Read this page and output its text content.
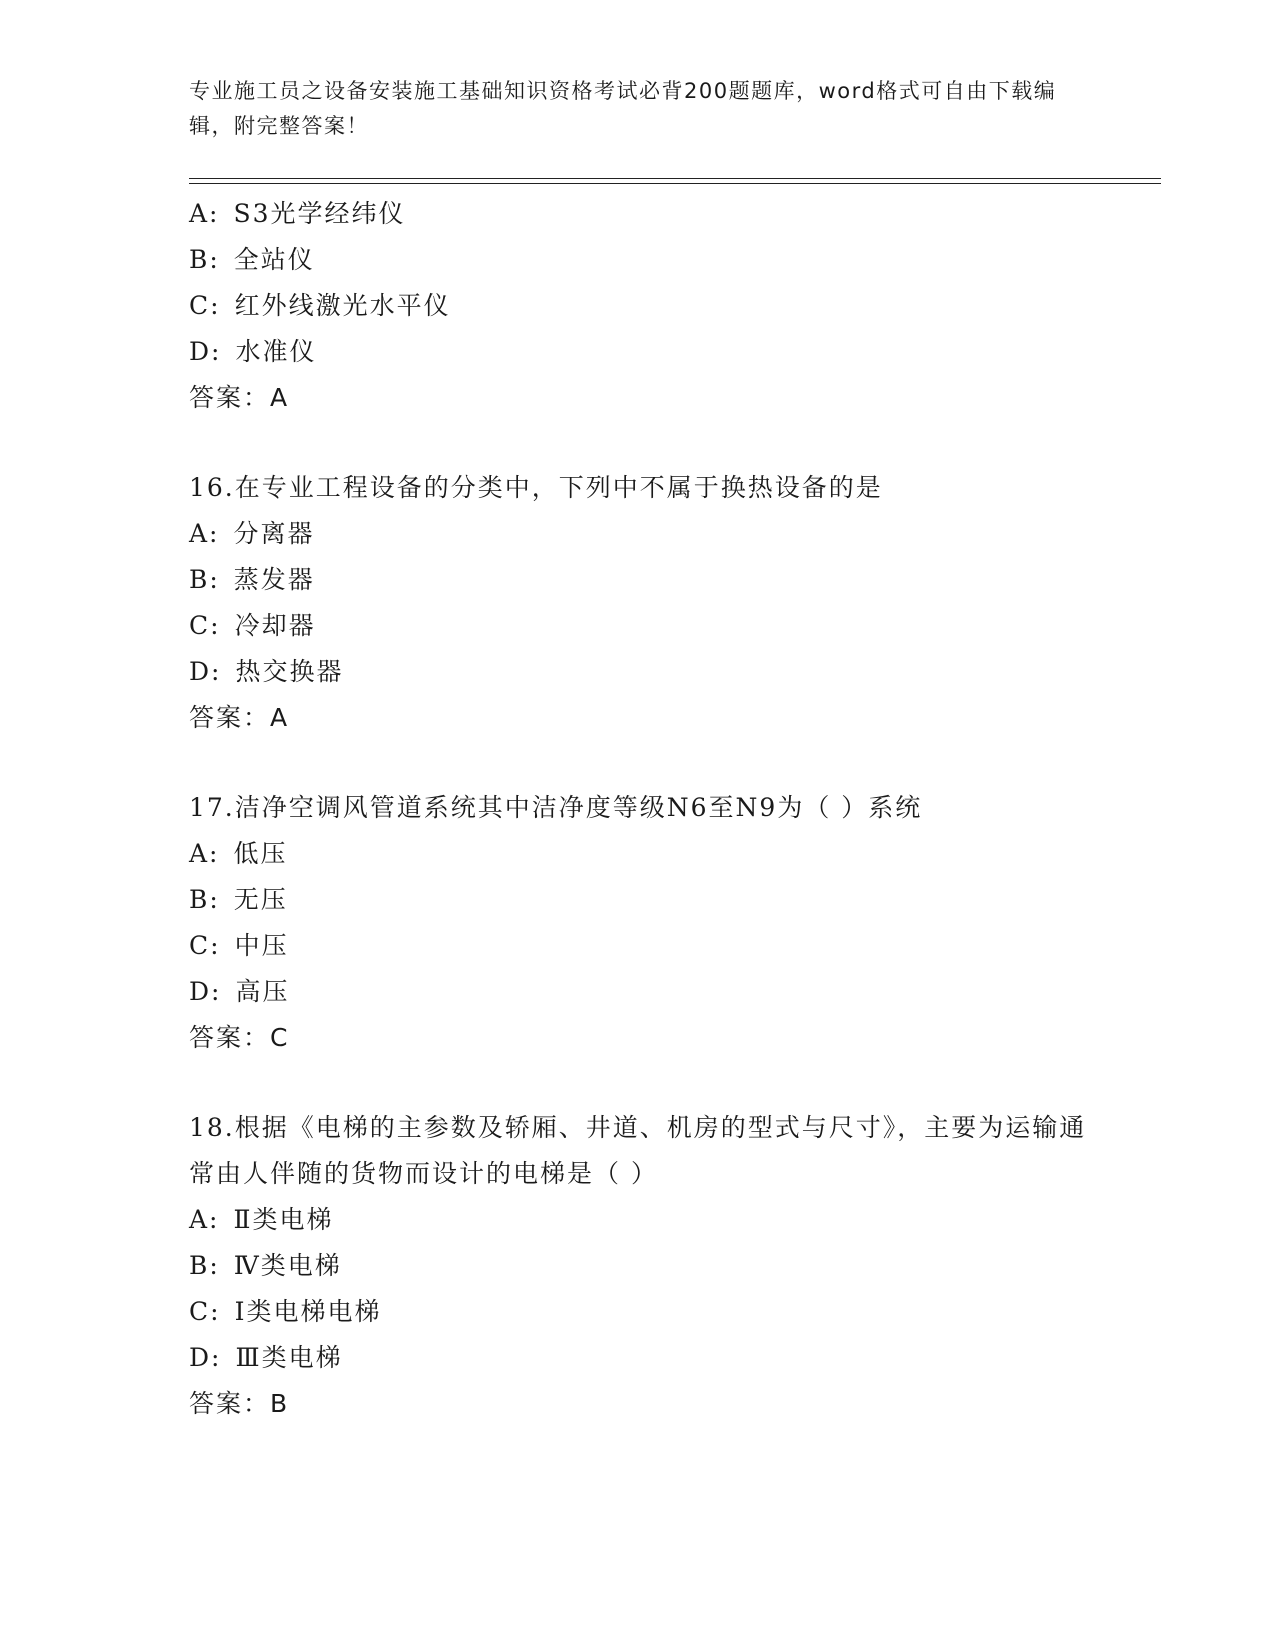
专业施工员之设备安装施工基础知识资格考试必背200题题库，word格式可自由下载编辑，附完整答案！
A: S3光学经纬仪
B: 全站仪
C: 红外线激光水平仪
D: 水准仪
答案：A
16.在专业工程设备的分类中，下列中不属于换热设备的是
A: 分离器
B: 蒸发器
C: 冷却器
D: 热交换器
答案：A
17.洁净空调风管道系统其中洁净度等级N6至N9为（ ）系统
A: 低压
B: 无压
C: 中压
D: 高压
答案：C
18.根据《电梯的主参数及轿厢、井道、机房的型式与尺寸》，主要为运输通常由人伴随的货物而设计的电梯是（ ）
A: Ⅱ类电梯
B: Ⅳ类电梯
C: Ⅰ类电梯电梯
D: Ⅲ类电梯
答案：B
